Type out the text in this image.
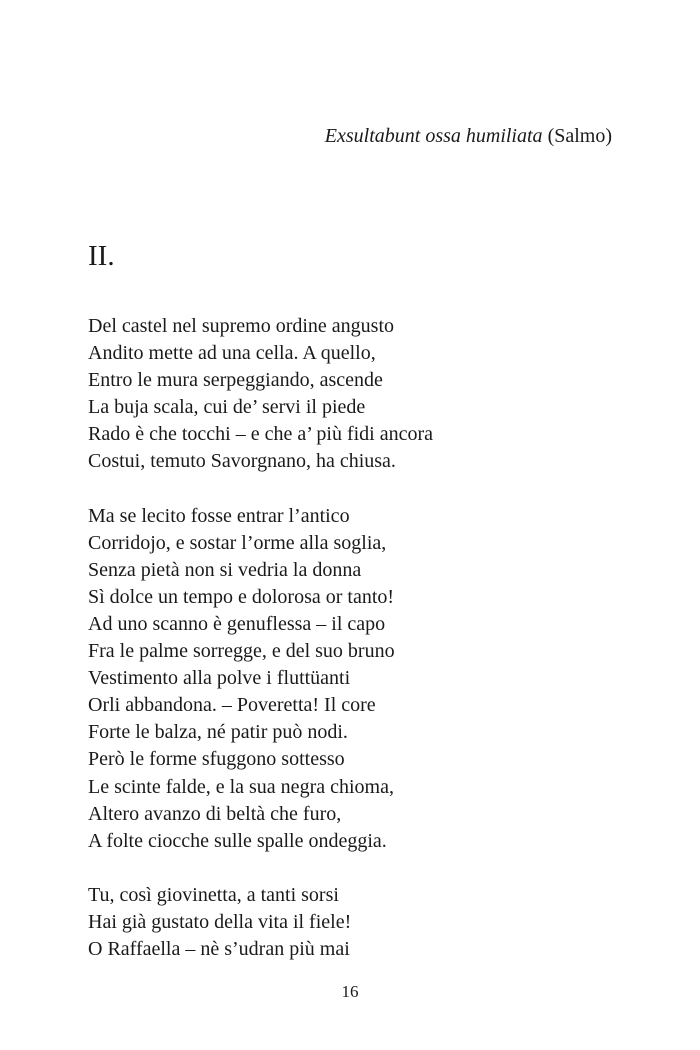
Exsultabunt ossa humiliata (Salmo)
II.
Del castel nel supremo ordine angusto
Andito mette ad una cella. A quello,
Entro le mura serpeggiando, ascende
La buja scala, cui de’ servi il piede
Rado è che tocchi – e che a’ più fidi ancora
Costui, temuto Savorgnano, ha chiusa.
Ma se lecito fosse entrar l’antico
Corridojo, e sostar l’orme alla soglia,
Senza pietà non si vedria la donna
Sì dolce un tempo e dolorosa or tanto!
Ad uno scanno è genuflessa – il capo
Fra le palme sorregge, e del suo bruno
Vestimento alla polve i fluttüanti
Orli abbandona. – Poveretta! Il core
Forte le balza, né patir può nodi.
Però le forme sfuggono sottesso
Le scinte falde, e la sua negra chioma,
Altero avanzo di beltà che furo,
A folte ciocche sulle spalle ondeggia.
Tu, così giovinetta, a tanti sorsi
Hai già gustato della vita il fiele!
O Raffaella – nè s’udran più mai
16
